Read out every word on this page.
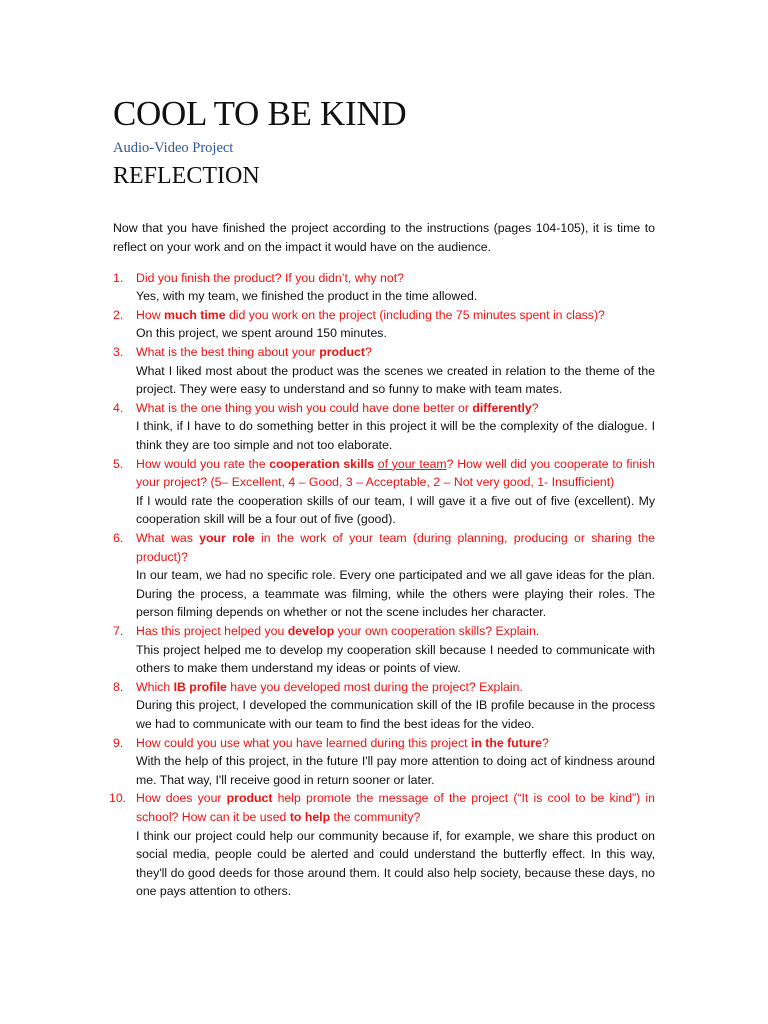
COOL TO BE KIND
Audio-Video Project
REFLECTION

Now that you have finished the project according to the instructions (pages 104-105), it is time to reflect on your work and on the impact it would have on the audience.

1. Did you finish the product? If you didn’t, why not?
Yes, with my team, we finished the product in the time allowed.
2. How much time did you work on the project (including the 75 minutes spent in class)?
On this project, we spent around 150 minutes.
3. What is the best thing about your product?
What I liked most about the product was the scenes we created in relation to the theme of the project. They were easy to understand and so funny to make with team mates.
4. What is the one thing you wish you could have done better or differently?
I think, if I have to do something better in this project it will be the complexity of the dialogue. I think they are too simple and not too elaborate.
5. How would you rate the cooperation skills of your team? How well did you cooperate to finish your project? (5– Excellent, 4 – Good, 3 – Acceptable, 2 – Not very good, 1- Insufficient)
If I would rate the cooperation skills of our team, I will gave it a five out of five (excellent). My cooperation skill will be a four out of five (good).
6. What was your role in the work of your team (during planning, producing or sharing the product)?
In our team, we had no specific role. Every one participated and we all gave ideas for the plan. During the process, a teammate was filming, while the others were playing their roles. The person filming depends on whether or not the scene includes her character.
7. Has this project helped you develop your own cooperation skills? Explain.
This project helped me to develop my cooperation skill because I needed to communicate with others to make them understand my ideas or points of view.
8. Which IB profile have you developed most during the project? Explain.
During this project, I developed the communication skill of the IB profile because in the process we had to communicate with our team to find the best ideas for the video.
9. How could you use what you have learned during this project in the future?
With the help of this project, in the future I'll pay more attention to doing act of kindness around me. That way, I'll receive good in return sooner or later.
10. How does your product help promote the message of the project (“It is cool to be kind”) in school? How can it be used to help the community?
I think our project could help our community because if, for example, we share this product on social media, people could be alerted and could understand the butterfly effect. In this way, they'll do good deeds for those around them. It could also help society, because these days, no one pays attention to others.
